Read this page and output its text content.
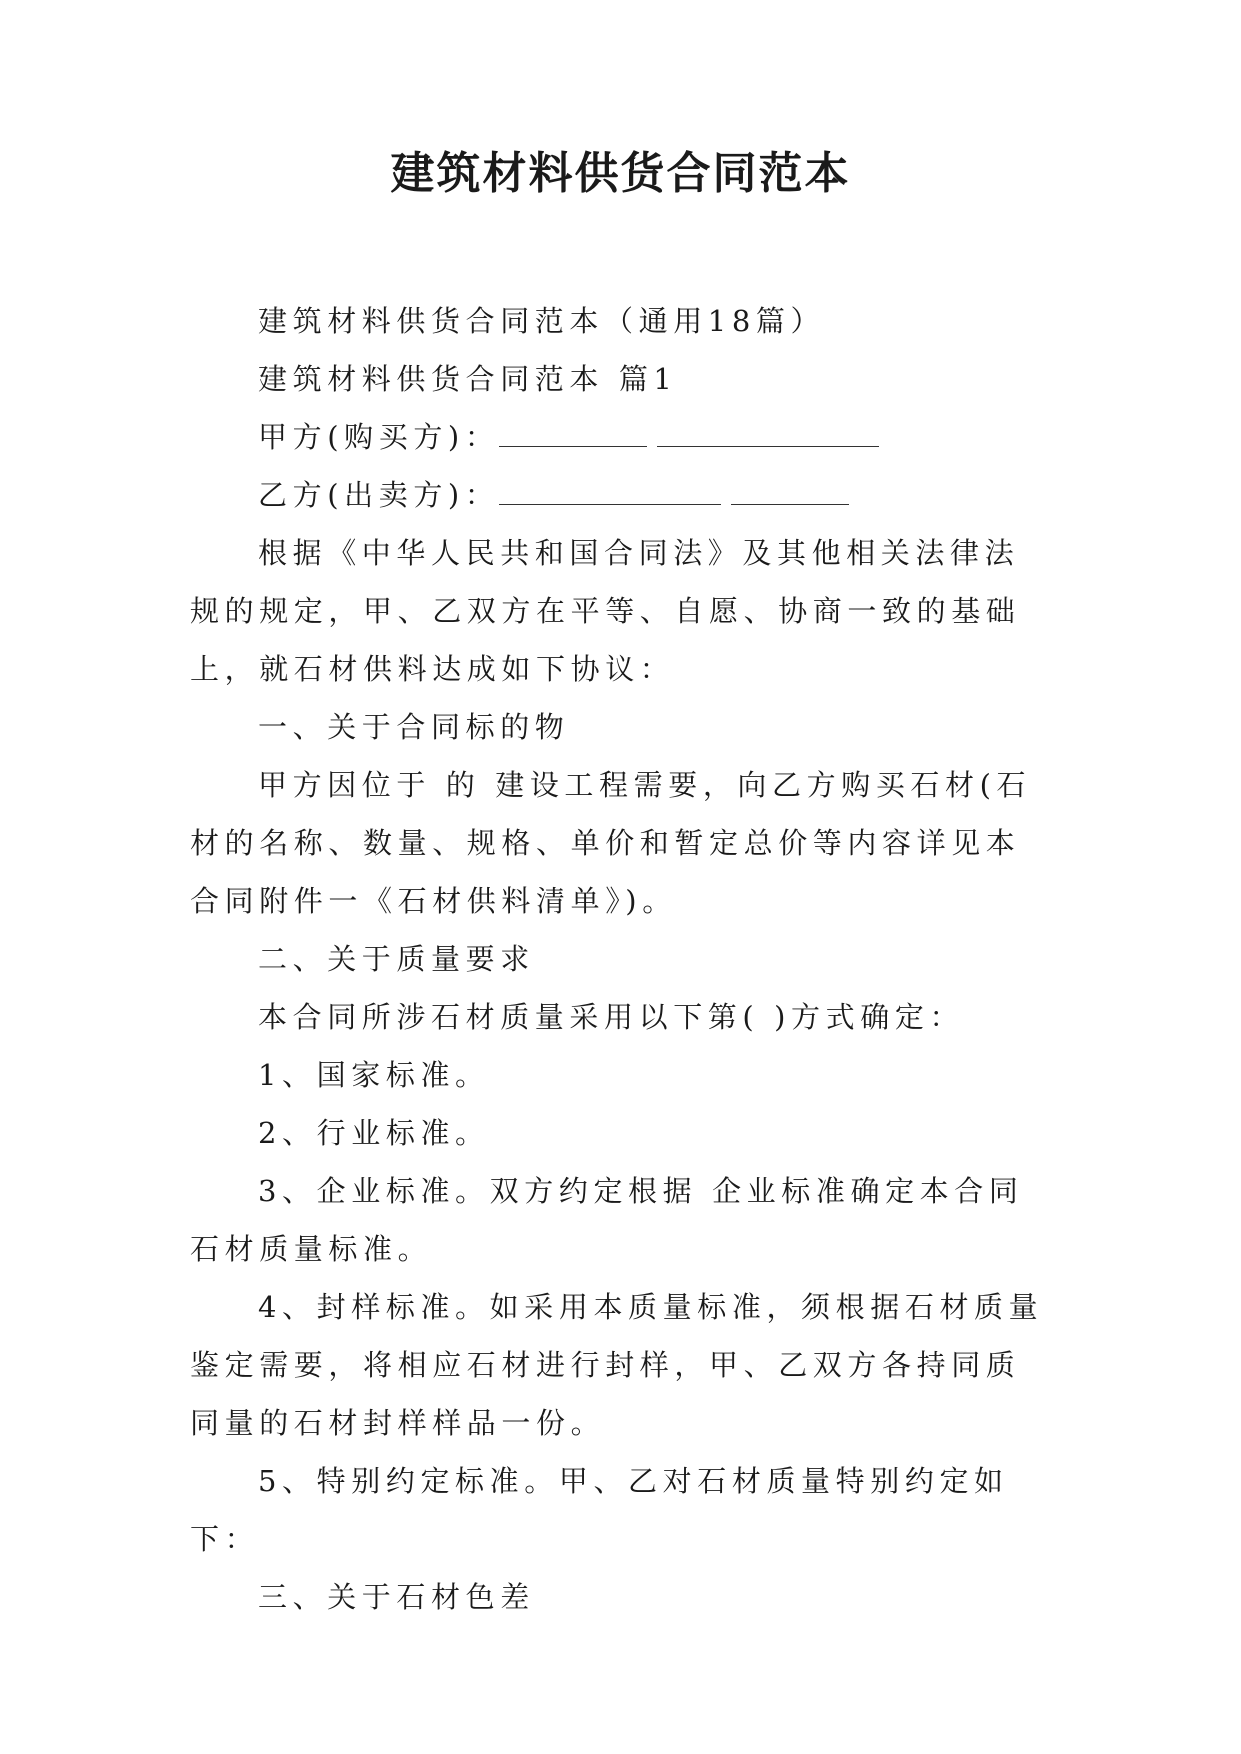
建筑材料供货合同范本

建筑材料供货合同范本（通用18篇）

建筑材料供货合同范本 篇1

甲方(购买方)：

乙方(出卖方)：

根据《中华人民共和国合同法》及其他相关法律法规的规定，甲、乙双方在平等、自愿、协商一致的基础上，就石材供料达成如下协议：

一、关于合同标的物

甲方因位于 的 建设工程需要，向乙方购买石材(石材的名称、数量、规格、单价和暂定总价等内容详见本合同附件一《石材供料清单》)。

二、关于质量要求

本合同所涉石材质量采用以下第( )方式确定：

1、国家标准。

2、行业标准。

3、企业标准。双方约定根据 企业标准确定本合同石材质量标准。

4、封样标准。如采用本质量标准，须根据石材质量鉴定需要，将相应石材进行封样，甲、乙双方各持同质同量的石材封样样品一份。

5、特别约定标准。甲、乙对石材质量特别约定如下：

三、关于石材色差
